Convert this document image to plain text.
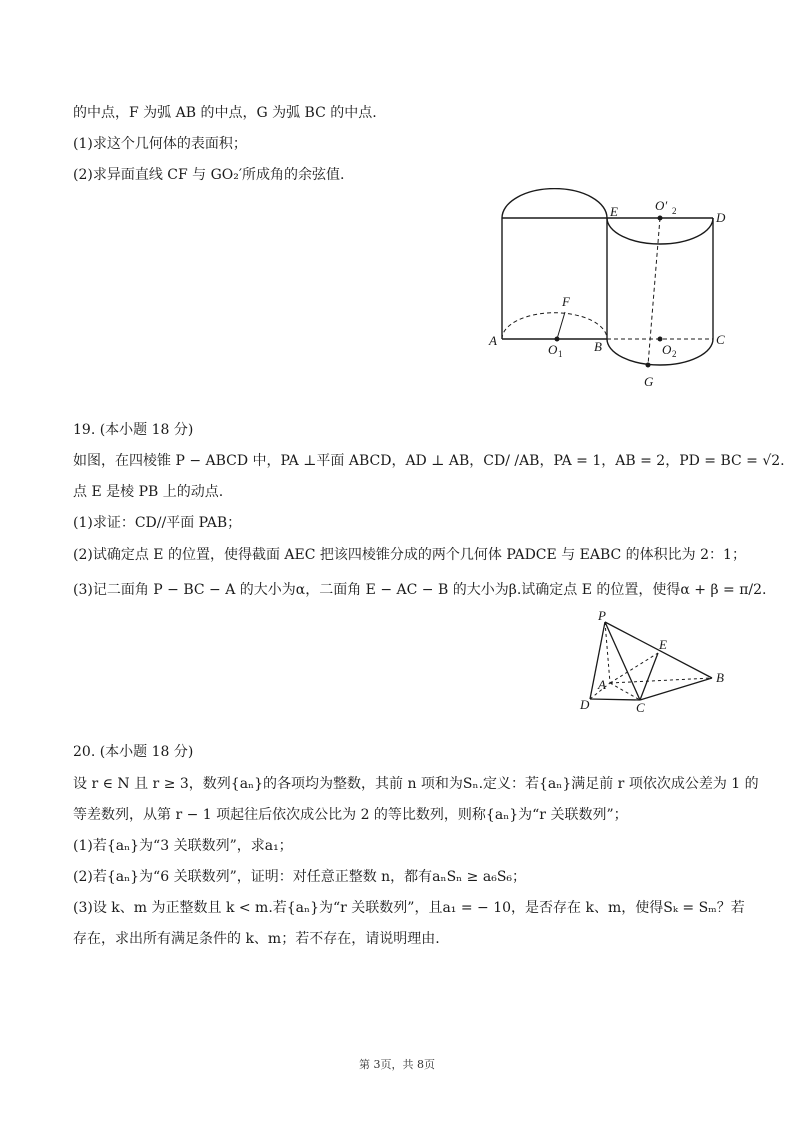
的中点，F 为弧 AB 的中点，G 为弧 BC 的中点.
(1)求这个几何体的表面积；
(2)求异面直线 CF 与 GO₂′所成角的余弦值.
A	B	C
D
E
F
G
O 1	O 2
O′ 2
19. (本小题 18 分)
如图，在四棱锥 P − ABCD 中，PA ⊥平面 ABCD，AD ⊥ AB，CD/ /AB，PA = 1，AB = 2，PD = BC = √2.
点 E 是棱 PB 上的动点.
(1)求证：CD//平面 PAB；
(2)试确定点 E 的位置，使得截面 AEC 把该四棱锥分成的两个几何体 PADCE 与 EABC 的体积比为 2：1；
(3)记二面角 P − BC − A 的大小为α，二面角 E − AC − B 的大小为β.试确定点 E 的位置，使得α + β = π/2.
P
A	B
C
D
E
20. (本小题 18 分)
设 r ∈ N 且 r ≥ 3，数列{aₙ}的各项均为整数，其前 n 项和为Sₙ.定义：若{aₙ}满足前 r 项依次成公差为 1 的
等差数列，从第 r − 1 项起往后依次成公比为 2 的等比数列，则称{aₙ}为“r 关联数列”；
(1)若{aₙ}为“3 关联数列”，求a₁；
(2)若{aₙ}为“6 关联数列”，证明：对任意正整数 n，都有aₙSₙ ≥ a₆S₆；
(3)设 k、m 为正整数且 k < m.若{aₙ}为“r 关联数列”，且a₁ = − 10，是否存在 k、m，使得Sₖ = Sₘ？若
存在，求出所有满足条件的 k、m；若不存在，请说明理由.
第 3页，共 8页
